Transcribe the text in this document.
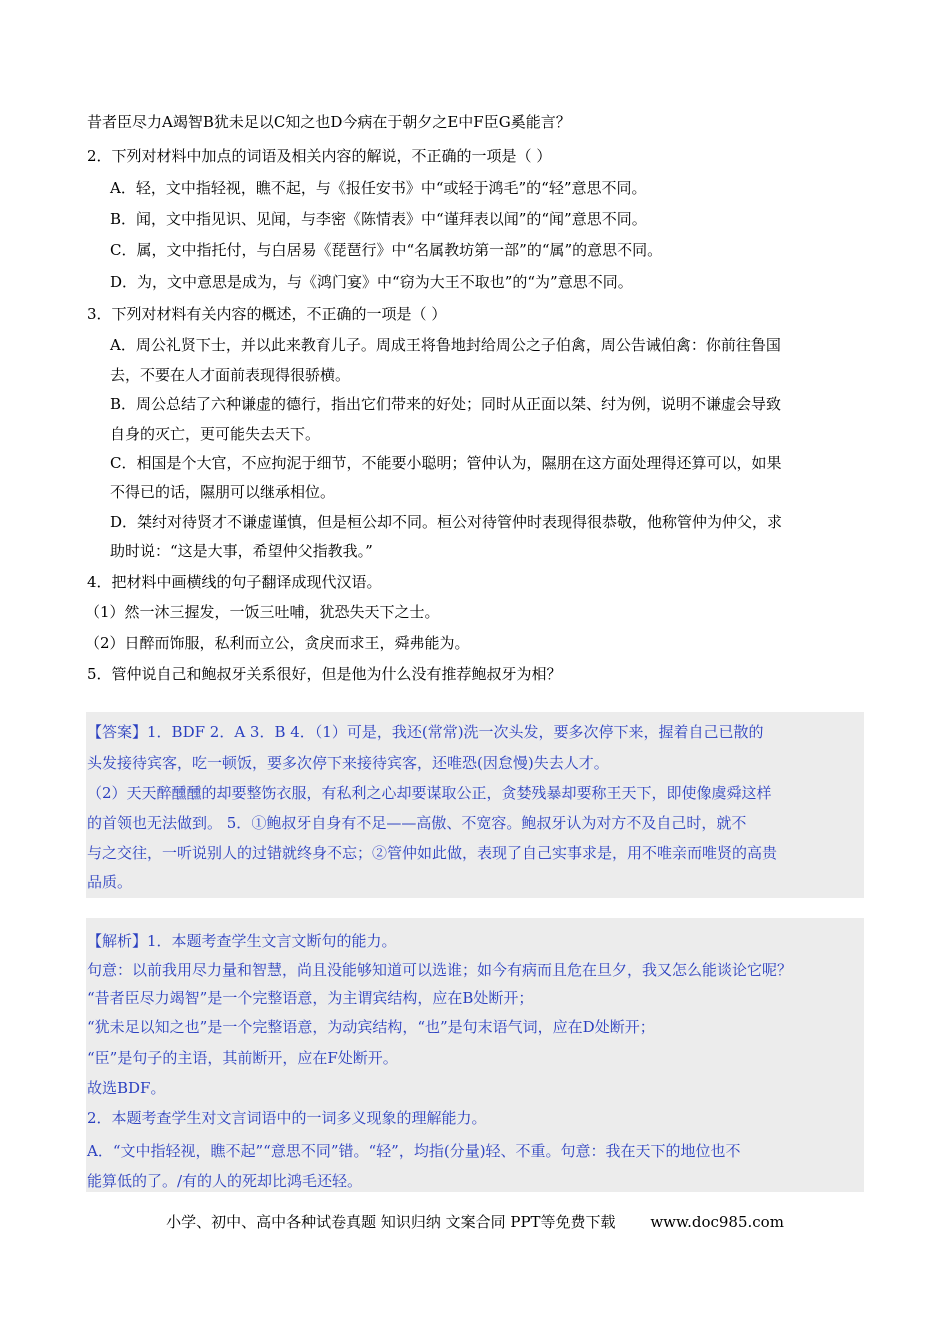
昔者臣尽力A竭智B犹未足以C知之也D今病在于朝夕之E中F臣G奚能言？
2．下列对材料中加点的词语及相关内容的解说，不正确的一项是（ ）
A．轻，文中指轻视，瞧不起，与《报任安书》中“或轻于鸿毛”的“轻”意思不同。
B．闻，文中指见识、见闻，与李密《陈情表》中“谨拜表以闻”的“闻”意思不同。
C．属，文中指托付，与白居易《琵琶行》中“名属教坊第一部”的“属”的意思不同。
D．为，文中意思是成为，与《鸿门宴》中“窃为大王不取也”的“为”意思不同。
3．下列对材料有关内容的概述，不正确的一项是（ ）
A．周公礼贤下士，并以此来教育儿子。周成王将鲁地封给周公之子伯禽，周公告诫伯禽：你前往鲁国
去，不要在人才面前表现得很骄横。
B．周公总结了六种谦虚的德行，指出它们带来的好处；同时从正面以桀、纣为例，说明不谦虚会导致
自身的灭亡，更可能失去天下。
C．相国是个大官，不应拘泥于细节，不能要小聪明；管仲认为，隰朋在这方面处理得还算可以，如果
不得已的话，隰朋可以继承相位。
D．桀纣对待贤才不谦虚谨慎，但是桓公却不同。桓公对待管仲时表现得很恭敬，他称管仲为仲父，求
助时说：“这是大事，希望仲父指教我。”
4．把材料中画横线的句子翻译成现代汉语。
（1）然一沐三握发，一饭三吐哺，犹恐失天下之士。
（2）日醉而饰服，私利而立公，贪戾而求王，舜弗能为。
5．管仲说自己和鲍叔牙关系很好，但是他为什么没有推荐鲍叔牙为相？
【答案】1．BDF 2．A 3．B 4．（1）可是，我还(常常)洗一次头发，要多次停下来，握着自己已散的
头发接待宾客，吃一顿饭，要多次停下来接待宾客，还唯恐(因怠慢)失去人才。
（2）天天醉醺醺的却要整饬衣服，有私利之心却要谋取公正，贪婪残暴却要称王天下，即使像虞舜这样
的首领也无法做到。 5．①鲍叔牙自身有不足——高傲、不宽容。鲍叔牙认为对方不及自己时，就不
与之交往，一听说别人的过错就终身不忘；②管仲如此做，表现了自己实事求是，用不唯亲而唯贤的高贵
品质。
【解析】1．本题考查学生文言文断句的能力。
句意：以前我用尽力量和智慧，尚且没能够知道可以选谁；如今有病而且危在旦夕，我又怎么能谈论它呢？
“昔者臣尽力竭智”是一个完整语意，为主谓宾结构，应在B处断开；
“犹未足以知之也”是一个完整语意，为动宾结构，“也”是句末语气词，应在D处断开；
“臣”是句子的主语，其前断开，应在F处断开。
故选BDF。
2．本题考查学生对文言词语中的一词多义现象的理解能力。
A．“文中指轻视，瞧不起”“意思不同”错。“轻”，均指(分量)轻、不重。句意：我在天下的地位也不
能算低的了。/有的人的死却比鸿毛还轻。
小学、初中、高中各种试卷真题 知识归纳 文案合同 PPT等免费下载 www.doc985.com
